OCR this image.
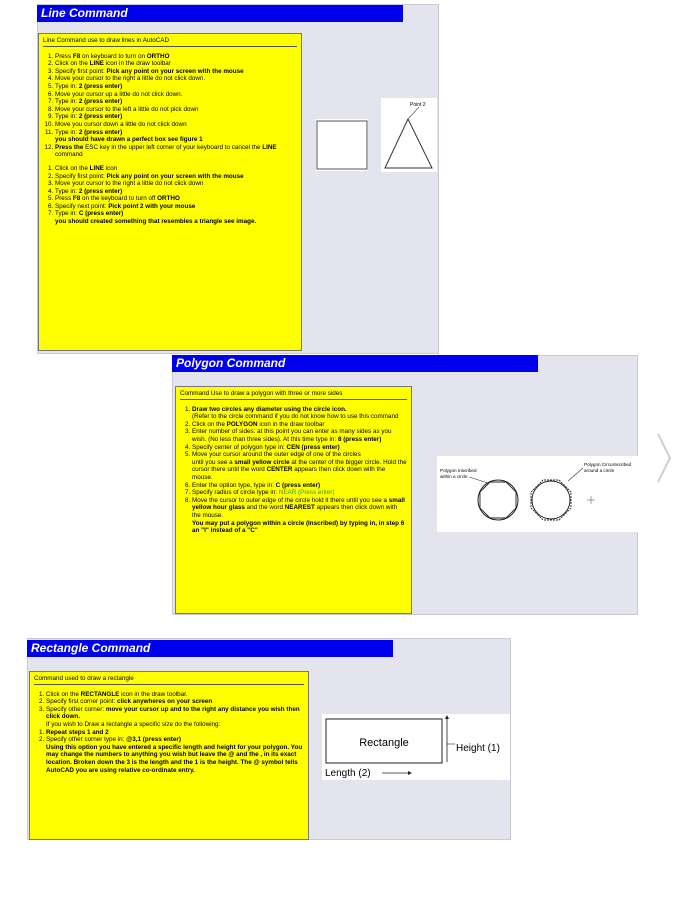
Line Command
Line Command use to draw lines in AutoCAD
1. Press F8 on keyboard to turn on ORTHO
2. Click on the LINE icon in the draw toolbar
3. Specify first point: Pick any point on your screen with the mouse
4. Move your cursor to the right a little do not click down.
5. Type in: 2 (press enter)
6. Move your cursor up a little do not click down.
7. Type in: 2 (press enter)
8. Move your cursor to the left a little do not pick down
9. Type in: 2 (press enter)
10. Move you cursor down a little do not click down
11. Type in: 2 (press enter)
you should have drawn a perfect box see figure 1
12. Press the ESC key in the upper left corner of your keyboard to cancel the LINE command
1. Click on the LINE icon
2. Specify first point: Pick any point on your screen with the mouse
3. Move your cursor to the right a little do not click down
4. Type in: 2 (press enter)
5. Press F8 on the keyboard to turn off ORTHO
6. Specify next point: Pick point 2 with your mouse
7. Type in: C (press enter)
you should created something that resembles a triangle see image.
Point 2
Polygon Command
Command Use to draw a polygon with three or more sides
1. Draw two circles any diameter using the circle icon.
(Refer to the circle command if you do not know how to use this command
2. Click on the POLYGON icon in the draw toolbar
3. Enter number of sides: at this point you can enter as many sides as you wish. (No less than three sides). At this time type in: 8 (press enter)
4. Specify center of polygon type in: CEN (press enter)
5. Move your cursor around the outer edge of one of the circles
until you see a small yellow circle at the center of the bigger circle. Hold the cursor there until the word CENTER appears then click down with the mouse.
6. Enter the option type, type in: C (press enter)
7. Specify radius of circle type in: NEAR (Press enter)
8. Move the cursor to outer edge of the circle hold it there until you see a small yellow hour glass and the word NEAREST appears then click down with the mouse.
You may put a polygon within a circle (Inscribed) by typing in, in step 6 an "I" instead of a "C"
Polygon Inscribed within a circle
Polygon Circumscribed around a circle
Rectangle Command
Command used to draw a rectangle
1. Click on the RECTANGLE icon in the draw toolbar.
2. Specify first corner point: click anywheres on your screen
3. Specify other corner: move your cursor up and to the right any distance you wish then click down.
If you wish to Draw a rectangle a specific size do the following:
1. Repeat steps 1 and 2
2. Specify other corner type in: @3,1 (press enter)
Using this option you have entered a specific length and height for your polygon. You may change the numbers to anything you wish but leave the @ and the , in its exact location. Broken down the 3 is the length and the 1 is the height. The @ symbol tells AutoCAD you are using relative co-ordinate entry.
Rectangle	Height (1)
Length (2)
